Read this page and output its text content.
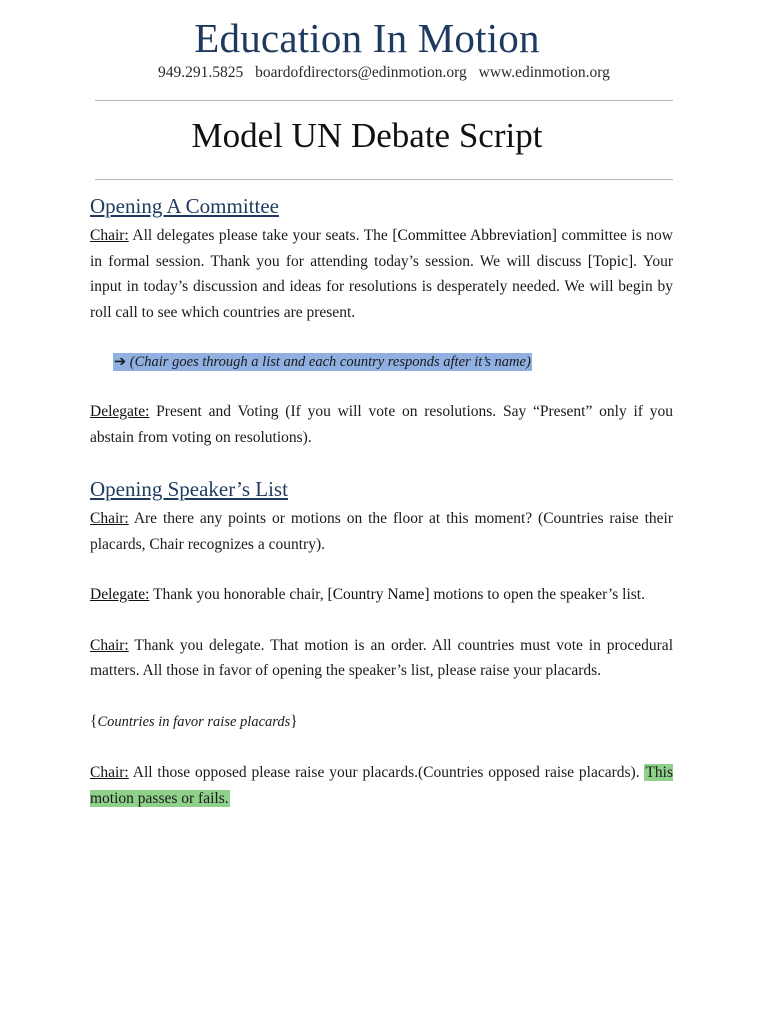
Education In Motion
949.291.5825 boardofdirectors@edinmotion.org www.edinmotion.org
Model UN Debate Script
Opening A Committee

Chair: All delegates please take your seats. The [Committee Abbreviation] committee is now in formal session. Thank you for attending today’s session. We will discuss [Topic]. Your input in today’s discussion and ideas for resolutions is desperately needed. We will begin by roll call to see which countries are present.

➔ (Chair goes through a list and each country responds after it’s name)

Delegate: Present and Voting (If you will vote on resolutions. Say “Present” only if you abstain from voting on resolutions).

Opening Speaker’s List

Chair: Are there any points or motions on the floor at this moment? (Countries raise their placards, Chair recognizes a country).

Delegate: Thank you honorable chair, [Country Name] motions to open the speaker’s list.

Chair: Thank you delegate. That motion is an order. All countries must vote in procedural matters. All those in favor of opening the speaker’s list, please raise your placards.

{Countries in favor raise placards}

Chair: All those opposed please raise your placards.(Countries opposed raise placards). This motion passes or fails.
